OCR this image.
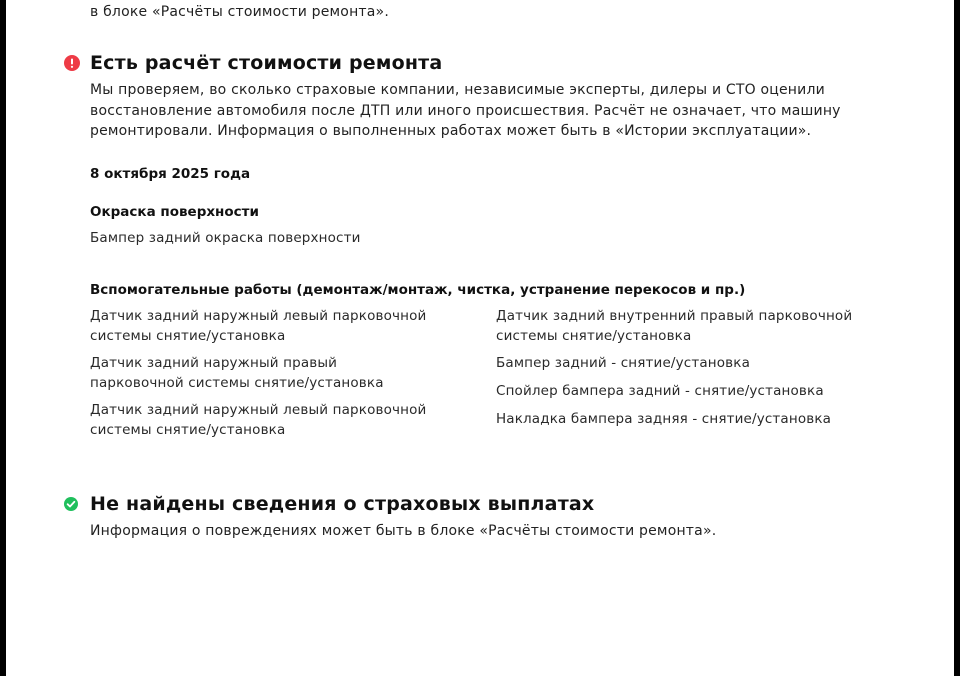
в блоке «Расчёты стоимости ремонта».
Есть расчёт стоимости ремонта
Мы проверяем, во сколько страховые компании, независимые эксперты, дилеры и СТО оценили восстановление автомобиля после ДТП или иного происшествия. Расчёт не означает, что машину ремонтировали. Информация о выполненных работах может быть в «Истории эксплуатации».
8 октября 2025 года
Окраска поверхности
Бампер задний окраска поверхности
Вспомогательные работы (демонтаж/монтаж, чистка, устранение перекосов и пр.)
Датчик задний наружный левый парковочной системы снятие/установка
Датчик задний наружный правый парковочной системы снятие/установка
Датчик задний наружный левый парковочной системы снятие/установка
Датчик задний внутренний правый парковочной системы снятие/установка
Бампер задний - снятие/установка
Спойлер бампера задний - снятие/установка
Накладка бампера задняя - снятие/установка
Не найдены сведения о страховых выплатах
Информация о повреждениях может быть в блоке «Расчёты стоимости ремонта».
